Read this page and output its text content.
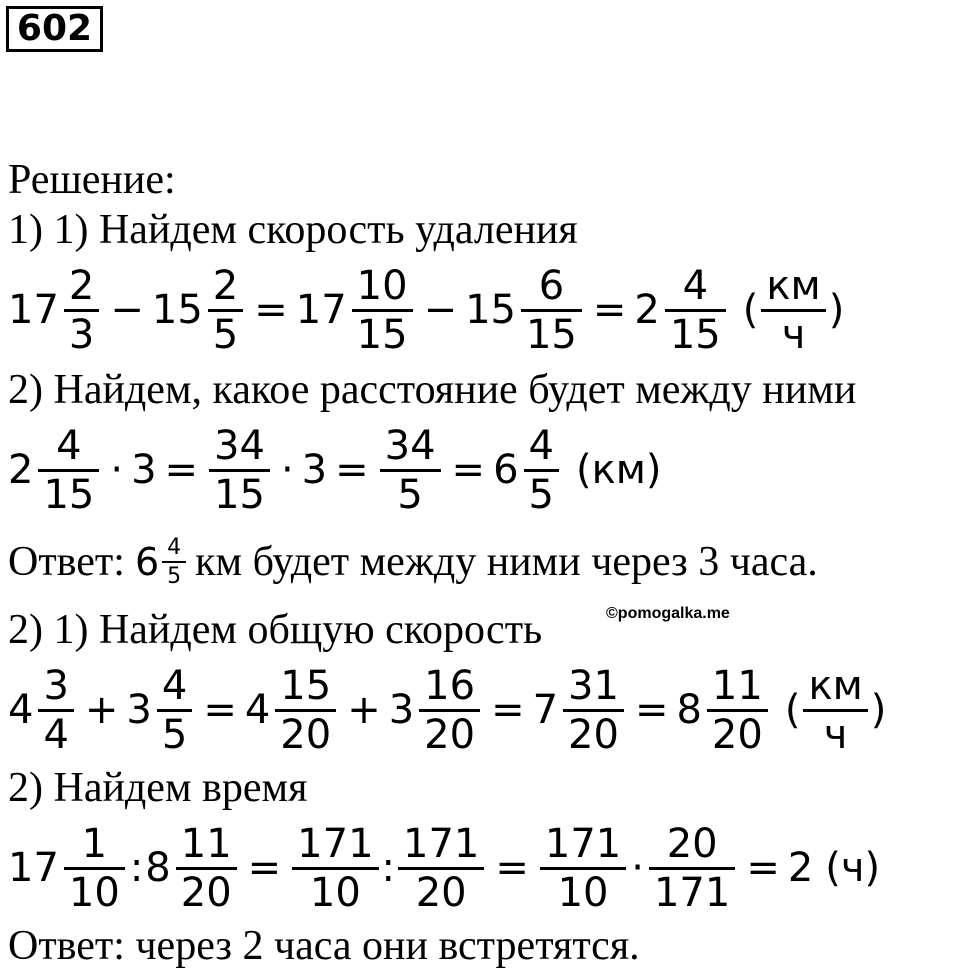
602
Решение:
1) 1) Найдем скорость удаления
$17 \frac{2}{3} - 15 \frac{2}{5} = 17 \frac{10}{15} - 15 \frac{6}{15} = 2 \frac{4}{15}$ ( $\frac{км}{ч}$ )
2) Найдем, какое расстояние будет между ними
$2 \frac{4}{15} \cdot 3 = \frac{34}{15} \cdot 3 = \frac{34}{5} = 6 \frac{4}{5} (км)$
Ответ: $6 \frac{4}{5}$ км будет между ними через 3 часа.
2) 1) Найдем общую скорость	©pomogalka.me
$4 \frac{3}{4} + 3 \frac{4}{5} = 4 \frac{15}{20} + 3 \frac{16}{20} = 7 \frac{31}{20} = 8 \frac{11}{20}$ ( $\frac{км}{ч}$ )
2) Найдем время
$17 \frac{1}{10}$ : $8 \frac{11}{20} = \frac{171}{10}$ : $\frac{171}{20} = \frac{171}{10} \cdot \frac{20}{171} = 2$ (ч)
Ответ: через 2 часа они встретятся.
